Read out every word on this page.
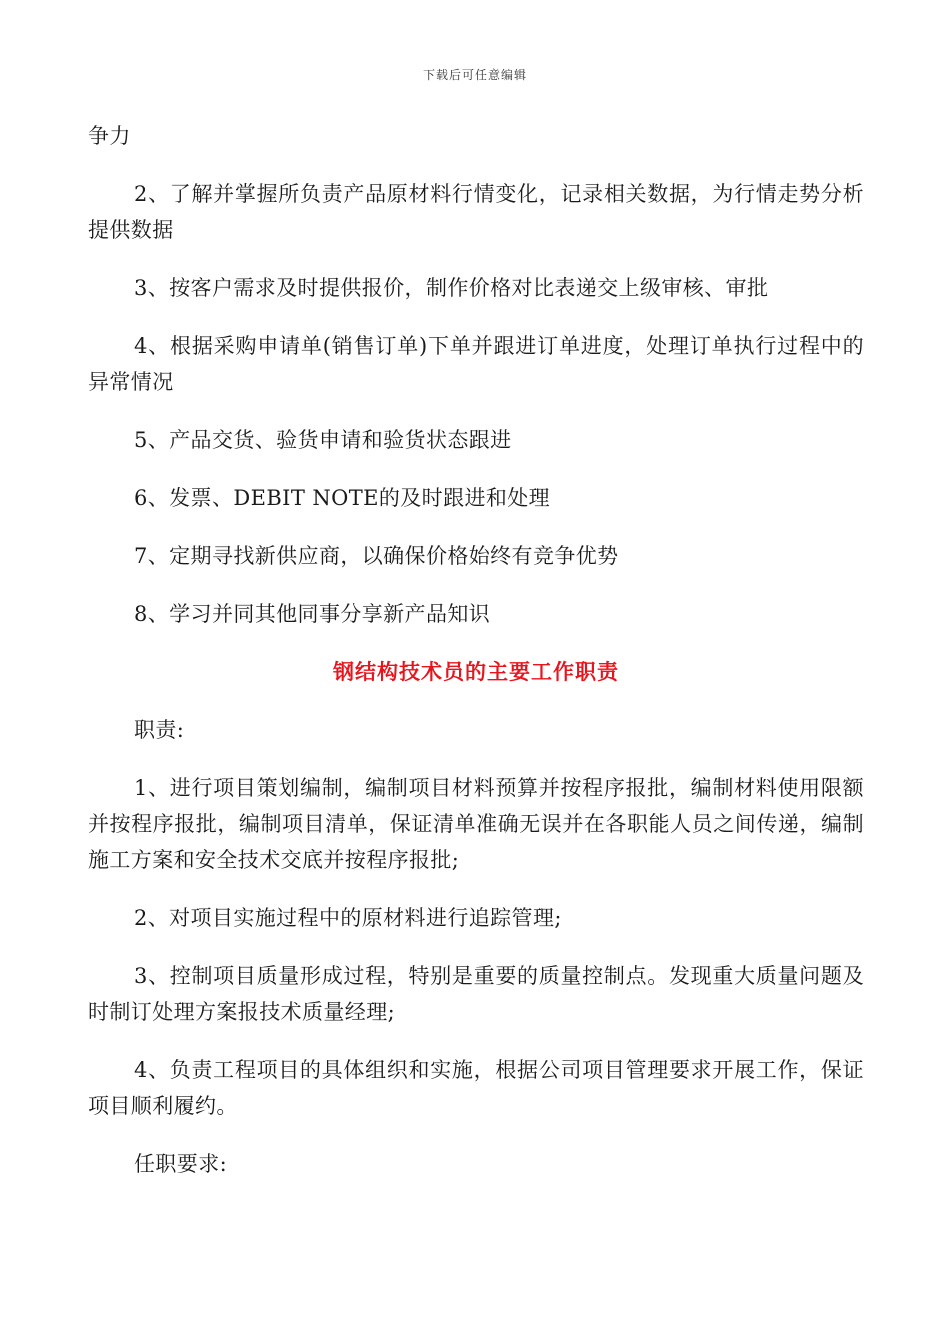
下载后可任意编辑

争力

2、了解并掌握所负责产品原材料行情变化，记录相关数据，为行情走势分析提供数据

3、按客户需求及时提供报价，制作价格对比表递交上级审核、审批

4、根据采购申请单(销售订单)下单并跟进订单进度，处理订单执行过程中的异常情况

5、产品交货、验货申请和验货状态跟进

6、发票、DEBIT NOTE的及时跟进和处理

7、定期寻找新供应商，以确保价格始终有竞争优势

8、学习并同其他同事分享新产品知识

钢结构技术员的主要工作职责

职责:

1、进行项目策划编制，编制项目材料预算并按程序报批，编制材料使用限额并按程序报批，编制项目清单，保证清单准确无误并在各职能人员之间传递，编制施工方案和安全技术交底并按程序报批;

2、对项目实施过程中的原材料进行追踪管理;

3、控制项目质量形成过程，特别是重要的质量控制点。发现重大质量问题及时制订处理方案报技术质量经理;

4、负责工程项目的具体组织和实施，根据公司项目管理要求开展工作，保证项目顺利履约。

任职要求:
